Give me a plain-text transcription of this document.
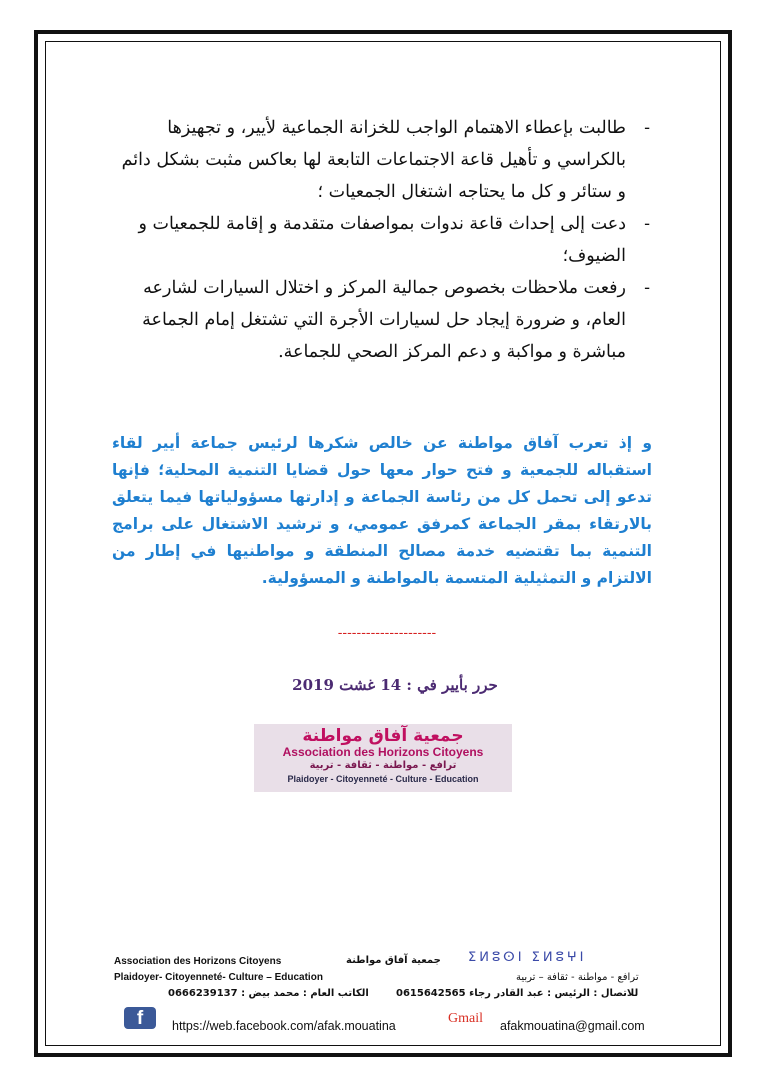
-
طالبت بإعطاء الاهتمام الواجب للخزانة الجماعية لأيير، و تجهيزها بالكراسي و تأهيل قاعة الاجتماعات التابعة لها بعاكس مثبت بشكل دائم و ستائر و كل ما يحتاجه اشتغال الجمعيات ؛
-
دعت إلى إحداث قاعة ندوات بمواصفات متقدمة و إقامة للجمعيات و الضيوف؛
-
رفعت ملاحظات بخصوص جمالية المركز و اختلال السيارات لشارعه العام، و ضرورة إيجاد حل لسيارات الأجرة التي تشتغل إمام الجماعة مباشرة و مواكبة و دعم المركز الصحي للجماعة.
و إذ تعرب آفاق مواطنة عن خالص شكرها لرئيس جماعة أيير لقاء استقباله للجمعية و فتح حوار معها حول قضايا التنمية المحلية؛ فإنها تدعو إلى تحمل كل من رئاسة الجماعة و إدارتها مسؤولياتها فيما يتعلق بالارتقاء بمقر الجماعة كمرفق عمومي، و ترشيد الاشتغال على برامج التنمية بما تقتضيه خدمة مصالح المنطقة و مواطنيها في إطار من الالتزام و التمثيلية المتسمة بالمواطنة و المسؤولية.
---------------------
حرر بأيير في : 14 غشت 2019
جمعية آفاق مواطنة
Association des Horizons Citoyens
ترافع - مواطنة - ثقافة - تربية
Plaidoyer - Citoyenneté - Culture - Education
Association des Horizons Citoyens	جمعية آفاق مواطنة ⵉⵍⵓⵙⵏ ⵉⵍⵓⵖⵏ
Plaidoyer- Citoyenneté- Culture – Education	ترافع - مواطنة - ثقافة – تربية
الكاتب العام : محمد بيض : 0666239137	للاتصال : الرئيس : عبد القادر رجاء 0615642565
f	https://web.facebook.com/afak.mouatina	Gmail afakmouatina@gmail.com
